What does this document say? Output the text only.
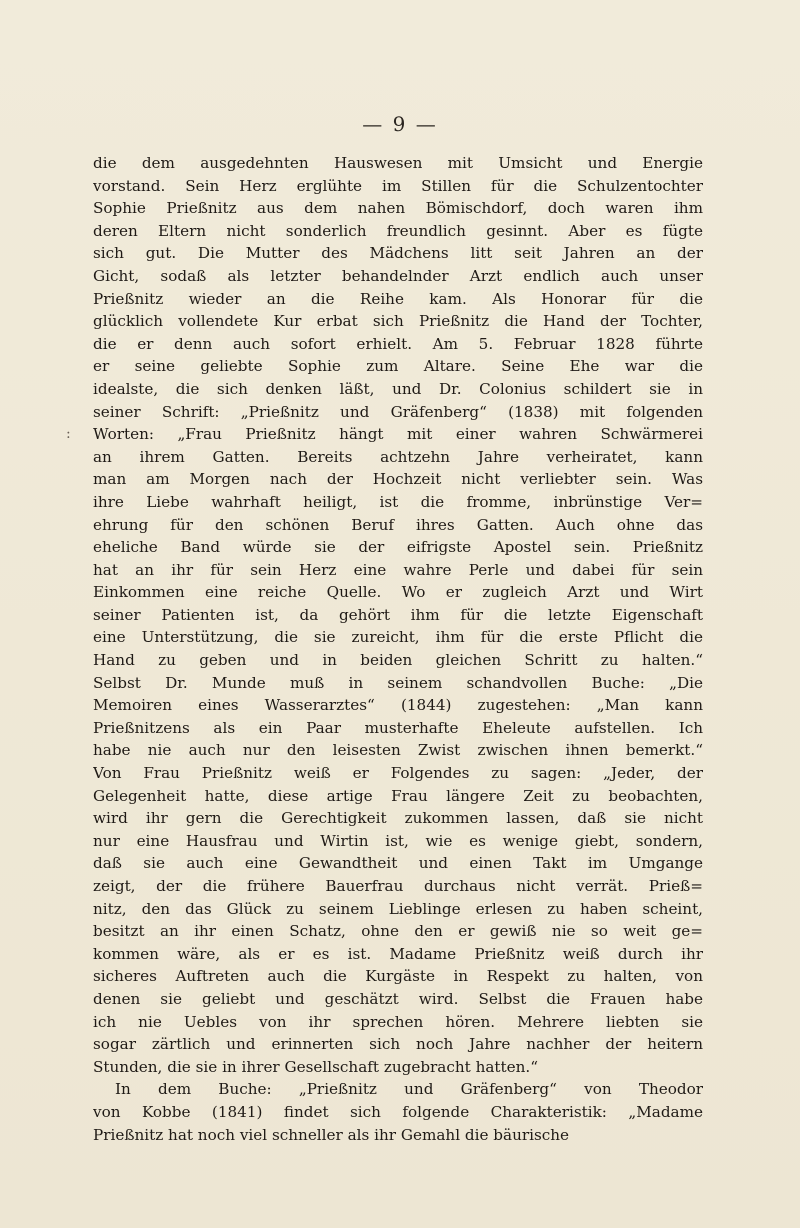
— 9 —
:
die dem ausgedehnten Hauswesen mit Umsicht und Energie
vorstand. Sein Herz erglühte im Stillen für die Schulzentochter
Sophie Prießnitz aus dem nahen Bömischdorf, doch waren ihm
deren Eltern nicht sonderlich freundlich gesinnt. Aber es fügte
sich gut. Die Mutter des Mädchens litt seit Jahren an der
Gicht, sodaß als letzter behandelnder Arzt endlich auch unser
Prießnitz wieder an die Reihe kam. Als Honorar für die
glücklich vollendete Kur erbat sich Prießnitz die Hand der Tochter,
die er denn auch sofort erhielt. Am 5. Februar 1828 führte
er seine geliebte Sophie zum Altare. Seine Ehe war die
idealste, die sich denken läßt, und Dr. Colonius schildert sie in
seiner Schrift: „Prießnitz und Gräfenberg“ (1838) mit folgenden
Worten: „Frau Prießnitz hängt mit einer wahren Schwärmerei
an ihrem Gatten. Bereits achtzehn Jahre verheiratet, kann
man am Morgen nach der Hochzeit nicht verliebter sein. Was
ihre Liebe wahrhaft heiligt, ist die fromme, inbrünstige Ver=
ehrung für den schönen Beruf ihres Gatten. Auch ohne das
eheliche Band würde sie der eifrigste Apostel sein. Prießnitz
hat an ihr für sein Herz eine wahre Perle und dabei für sein
Einkommen eine reiche Quelle. Wo er zugleich Arzt und Wirt
seiner Patienten ist, da gehört ihm für die letzte Eigenschaft
eine Unterstützung, die sie zureicht, ihm für die erste Pflicht die
Hand zu geben und in beiden gleichen Schritt zu halten.“
Selbst Dr. Munde muß in seinem schandvollen Buche: „Die
Memoiren eines Wasserarztes“ (1844) zugestehen: „Man kann
Prießnitzens als ein Paar musterhafte Eheleute aufstellen. Ich
habe nie auch nur den leisesten Zwist zwischen ihnen bemerkt.“
Von Frau Prießnitz weiß er Folgendes zu sagen: „Jeder, der
Gelegenheit hatte, diese artige Frau längere Zeit zu beobachten,
wird ihr gern die Gerechtigkeit zukommen lassen, daß sie nicht
nur eine Hausfrau und Wirtin ist, wie es wenige giebt, sondern,
daß sie auch eine Gewandtheit und einen Takt im Umgange
zeigt, der die frühere Bauerfrau durchaus nicht verrät. Prieß=
nitz, den das Glück zu seinem Lieblinge erlesen zu haben scheint,
besitzt an ihr einen Schatz, ohne den er gewiß nie so weit ge=
kommen wäre, als er es ist. Madame Prießnitz weiß durch ihr
sicheres Auftreten auch die Kurgäste in Respekt zu halten, von
denen sie geliebt und geschätzt wird. Selbst die Frauen habe
ich nie Uebles von ihr sprechen hören. Mehrere liebten sie
sogar zärtlich und erinnerten sich noch Jahre nachher der heitern
Stunden, die sie in ihrer Gesellschaft zugebracht hatten.“
In dem Buche: „Prießnitz und Gräfenberg“ von Theodor
von Kobbe (1841) findet sich folgende Charakteristik: „Madame
Prießnitz hat noch viel schneller als ihr Gemahl die bäurische
